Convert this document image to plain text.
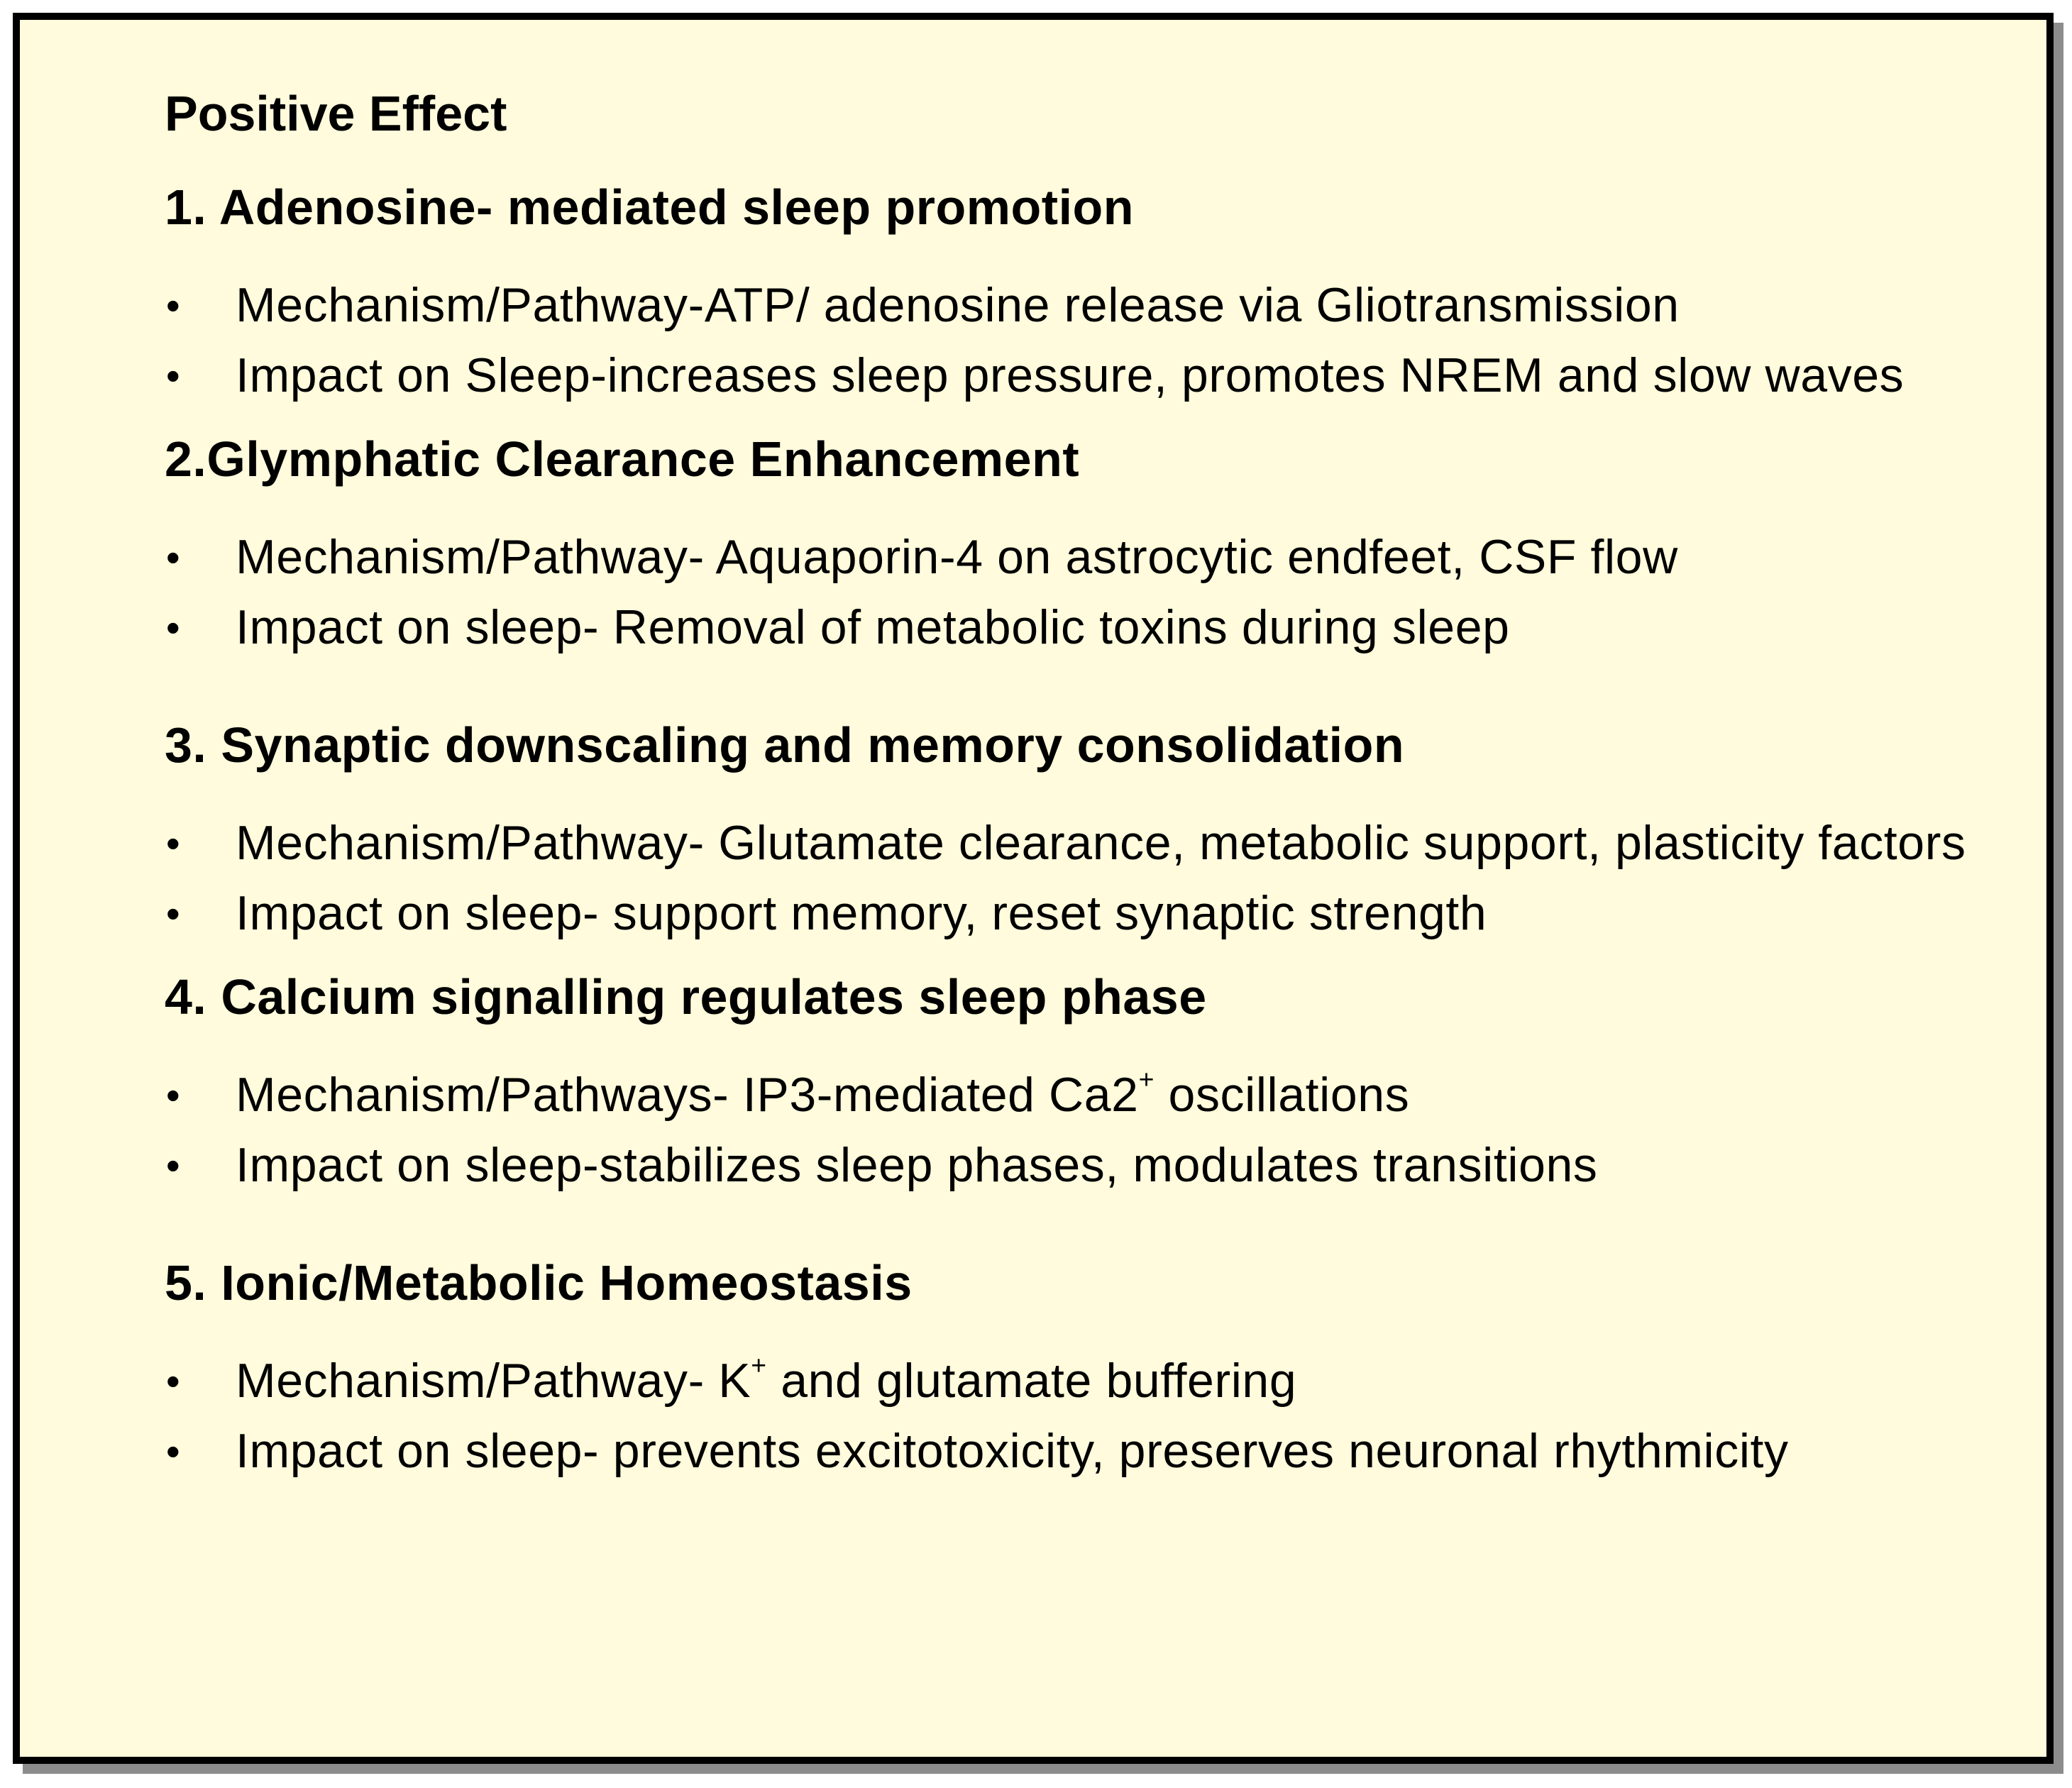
Positive Effect
1. Adenosine- mediated sleep promotion
• Mechanism/Pathway-ATP/ adenosine release via Gliotransmission
• Impact on Sleep-increases sleep pressure, promotes NREM and slow waves
2.Glymphatic Clearance Enhancement
• Mechanism/Pathway- Aquaporin-4 on astrocytic endfeet, CSF flow
• Impact on sleep- Removal of metabolic toxins during sleep
3. Synaptic downscaling and memory consolidation
• Mechanism/Pathway- Glutamate clearance, metabolic support, plasticity factors
• Impact on sleep- support memory, reset synaptic strength
4. Calcium signalling regulates sleep phase
• Mechanism/Pathways- IP3-mediated Ca2+ oscillations
• Impact on sleep-stabilizes sleep phases, modulates transitions
5. Ionic/Metabolic Homeostasis
• Mechanism/Pathway- K+ and glutamate buffering
• Impact on sleep- prevents excitotoxicity, preserves neuronal rhythmicity
